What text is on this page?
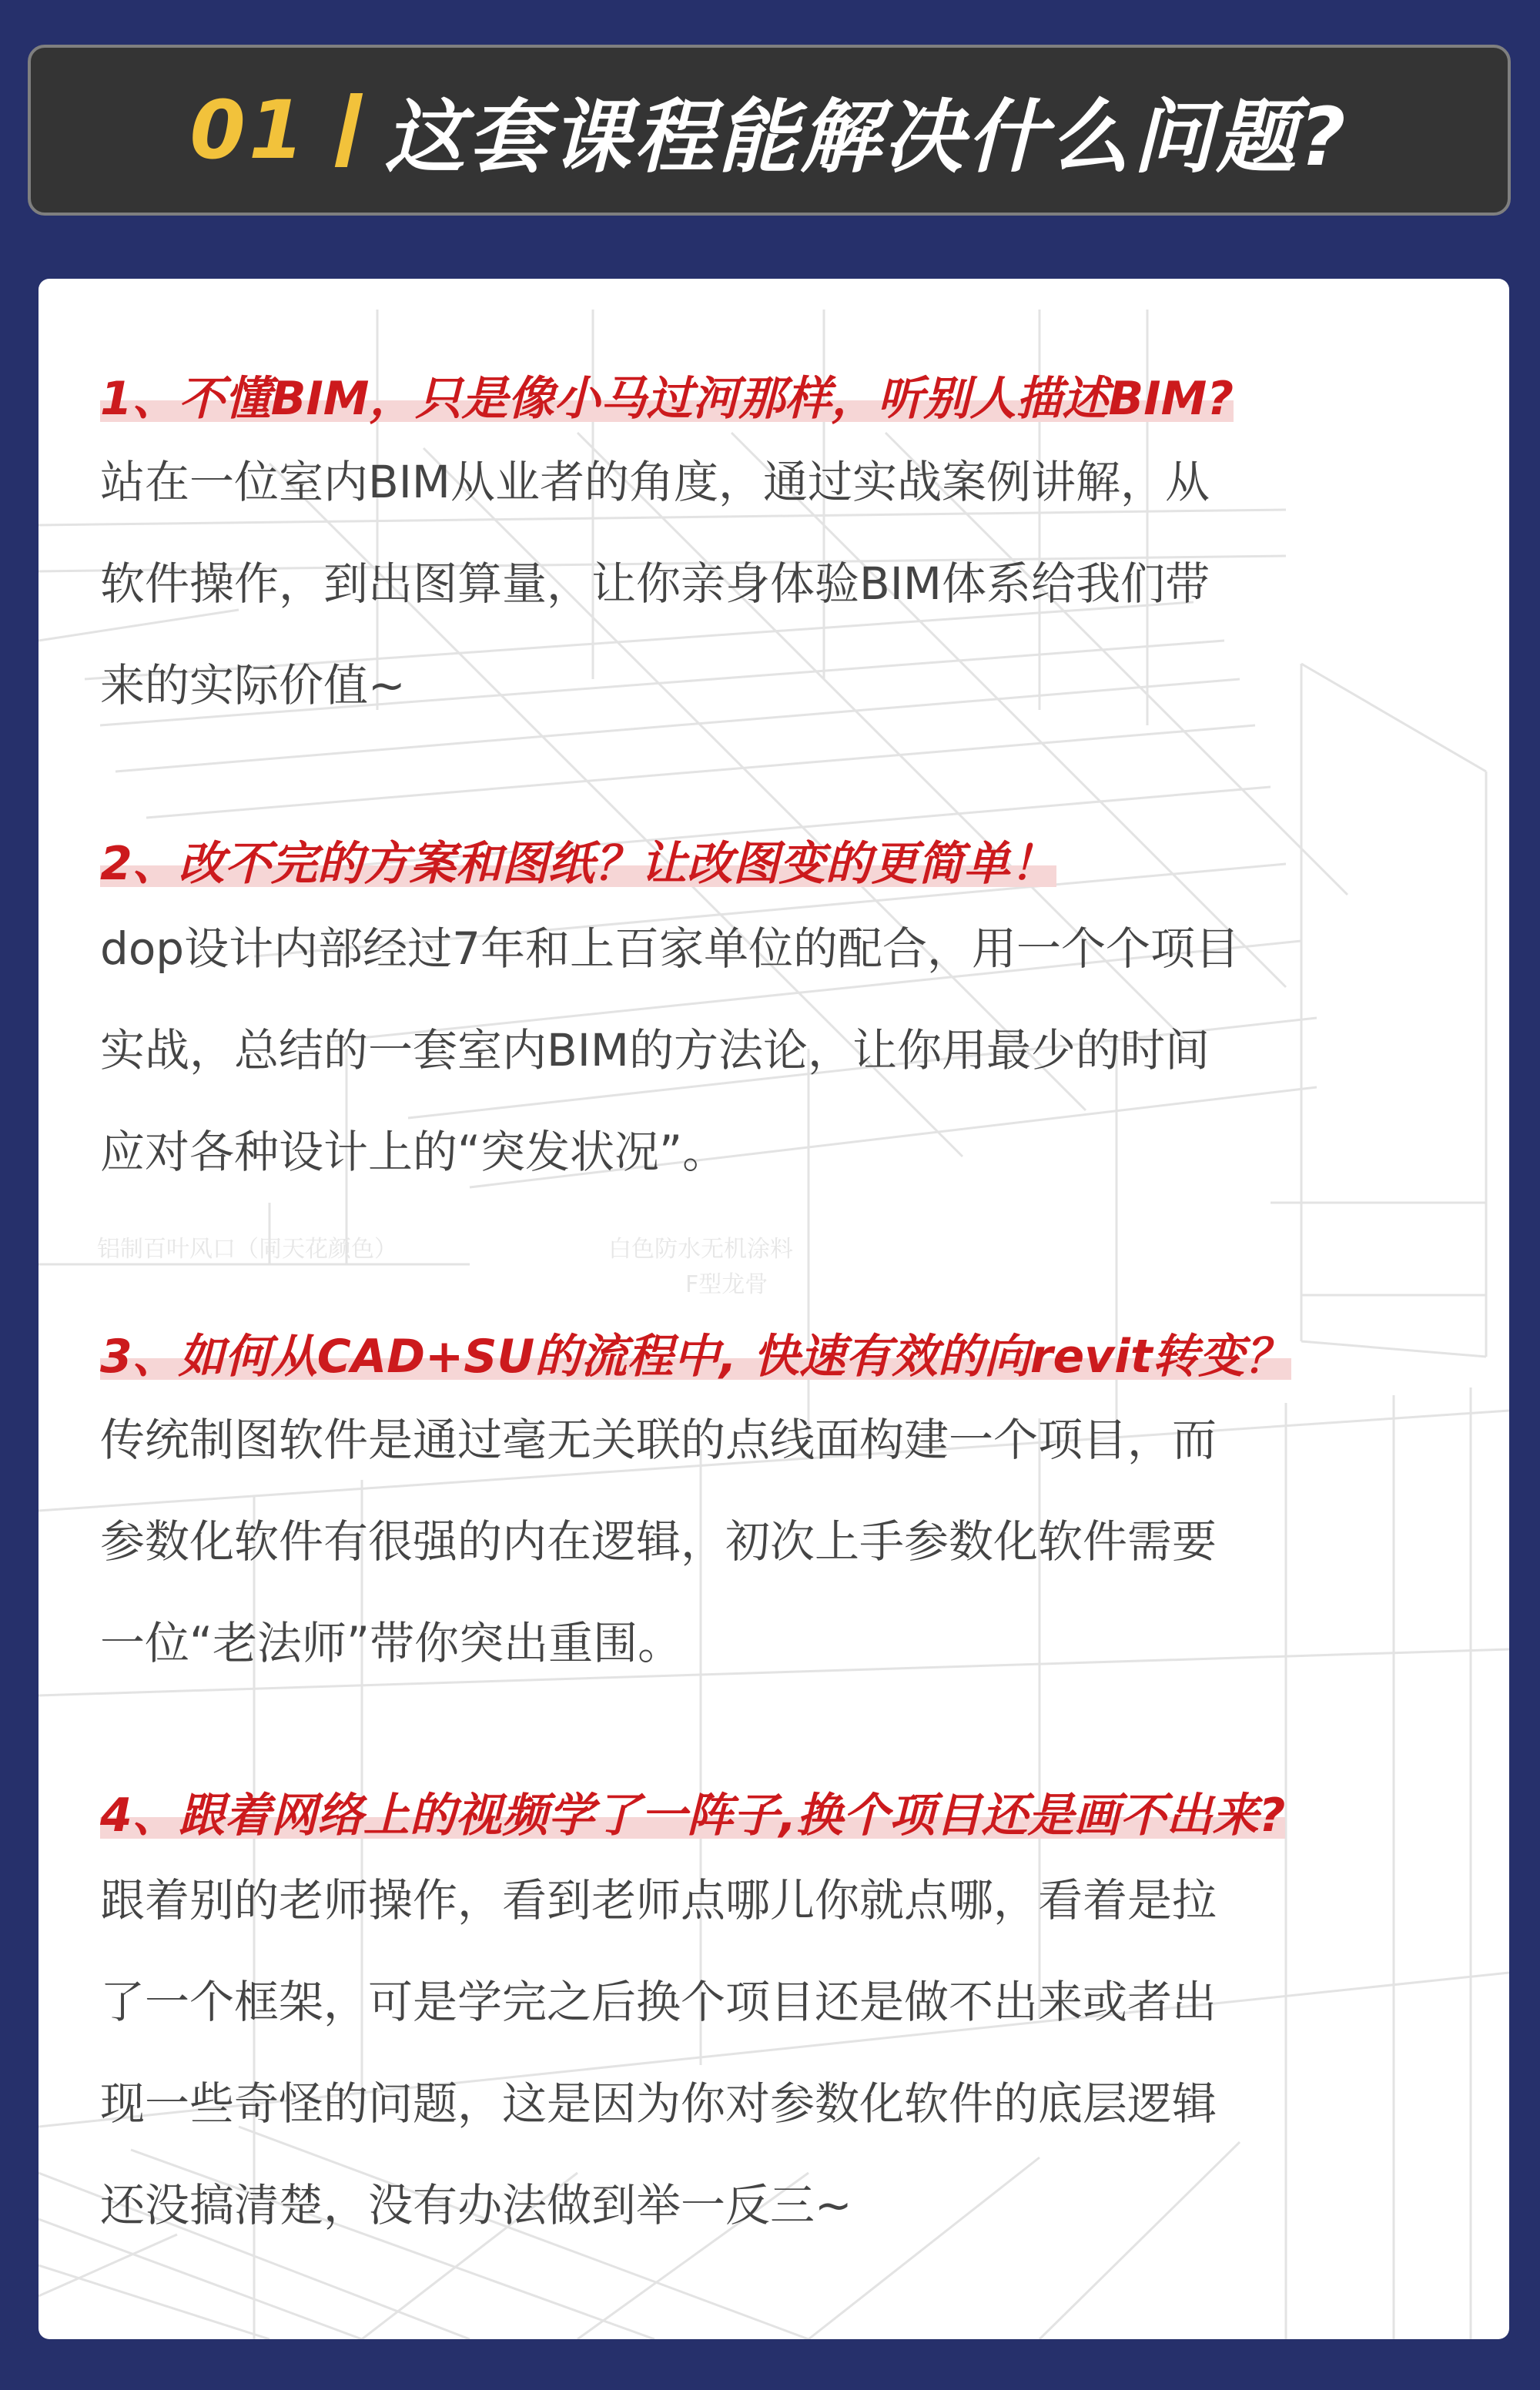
01 这套课程能解决什么问题?
铝制百叶风口（同天花颜色）	白色防水无机涂料
F型龙骨
1、不懂BIM，只是像小马过河那样，听别人描述BIM?
站在一位室内BIM从业者的角度，通过实战案例讲解，从
软件操作，到出图算量，让你亲身体验BIM体系给我们带
来的实际价值~
2、改不完的方案和图纸？让改图变的更简单！
dop设计内部经过7年和上百家单位的配合，用一个个项目
实战，总结的一套室内BIM的方法论，让你用最少的时间
应对各种设计上的“突发状况”。
3、如何从CAD+SU的流程中, 快速有效的向revit转变？
传统制图软件是通过毫无关联的点线面构建一个项目，而
参数化软件有很强的内在逻辑，初次上手参数化软件需要
一位“老法师”带你突出重围。
4、跟着网络上的视频学了一阵子,换个项目还是画不出来?
跟着别的老师操作，看到老师点哪儿你就点哪，看着是拉
了一个框架，可是学完之后换个项目还是做不出来或者出
现一些奇怪的问题，这是因为你对参数化软件的底层逻辑
还没搞清楚，没有办法做到举一反三~
